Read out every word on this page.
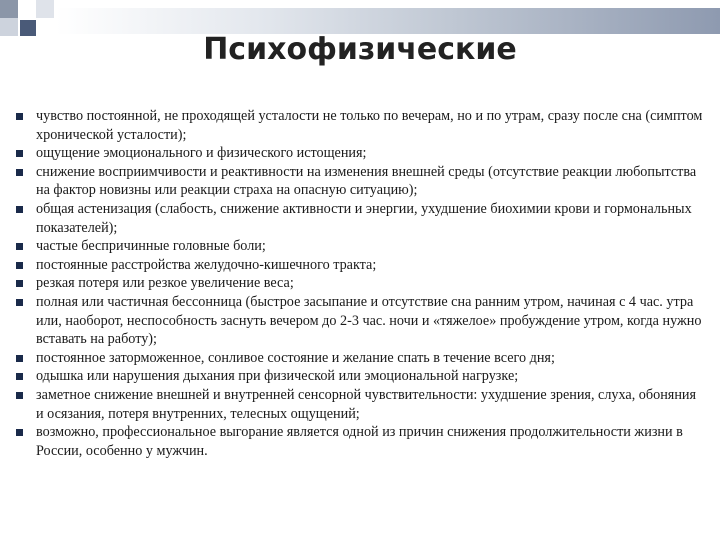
Психофизические
чувство постоянной, не проходящей усталости не только по вечерам, но и по утрам, сразу после сна (симптом хронической усталости);
ощущение эмоционального и физического истощения;
снижение восприимчивости и реактивности на изменения внешней среды (отсутствие реакции любопытства на фактор новизны или реакции страха на опасную ситуацию);
общая астенизация (слабость, снижение активности и энергии, ухудшение биохимии крови и гормональных показателей);
частые беспричинные головные боли;
постоянные расстройства желудочно-кишечного тракта;
резкая потеря или резкое увеличение веса;
полная или частичная бессонница (быстрое засыпание и отсутствие сна ранним утром, начиная с 4 час. утра или, наоборот, неспособность заснуть вечером до 2-3 час. ночи и «тяжелое» пробуждение утром, когда нужно вставать на работу);
постоянное заторможенное, сонливое состояние и желание спать в течение всего дня;
одышка или нарушения дыхания при физической или эмоциональной нагрузке;
заметное снижение внешней и внутренней сенсорной чувствительности: ухудшение зрения, слуха, обоняния и осязания, потеря внутренних, телесных ощущений;
возможно, профессиональное выгорание является одной из причин снижения продолжительности жизни в России, особенно у мужчин.
